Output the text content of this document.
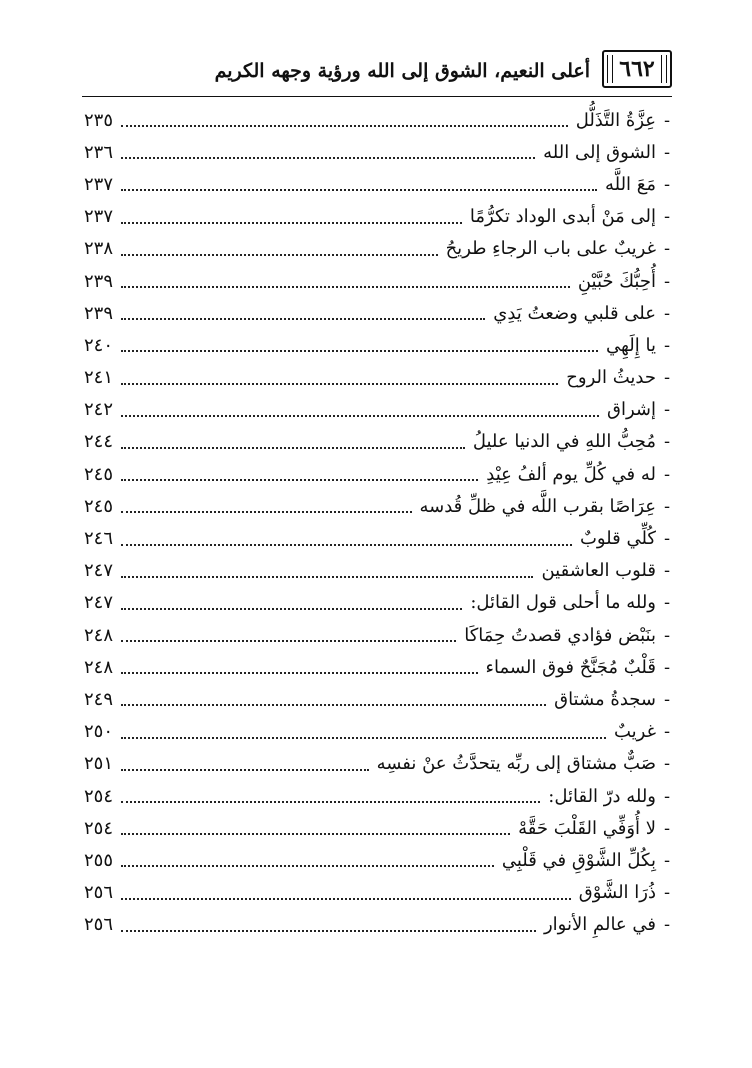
٦٦٢
أعلى النعيم، الشوق إلى الله ورؤية وجهه الكريم
-
عِزَّةُ التَّذَلُّل
٢٣٥
-
الشوق إلى الله
٢٣٦
-
مَعَ اللَّه
٢٣٧
-
إلى مَنْ أبدى الوداد تكرُّمًا
٢٣٧
-
غريبٌ على باب الرجاءِ طريحُ
٢٣٨
-
أُحِبُّكَ حُبَّيْنِ
٢٣٩
-
على قلبي وضعتُ يَدِي
٢٣٩
-
يا إِلَهِي
٢٤٠
-
حديثُ الروح
٢٤١
-
إشراق
٢٤٢
-
مُحِبُّ اللهِ في الدنيا عليلُ
٢٤٤
-
له في كُلِّ يوم ألفُ عِيْدِ
٢٤٥
-
عِرَاصًا بقرب اللَّه في ظلِّ قُدسه
٢٤٥
-
كُلِّي قلوبٌ
٢٤٦
-
قلوب العاشقين
٢٤٧
-
ولله ما أحلى قول القائل:
٢٤٧
-
بنَبْض فؤادي قصدتُ حِمَاكَا
٢٤٨
-
قَلْبٌ مُجَنَّحٌ فوق السماء
٢٤٨
-
سجدةُ مشتاق
٢٤٩
-
غريبٌ
٢٥٠
-
صَبٌّ مشتاق إلى ربِّه يتحدَّثُ عنْ نفسِه
٢٥١
-
ولله درّ القائل:
٢٥٤
-
لا أُوَفِّي القَلْبَ حَقَّهْ
٢٥٤
-
بِكُلِّ الشَّوْقِ في قَلْبِي
٢٥٥
-
ذُرَا الشَّوْق
٢٥٦
-
في عالمِ الأنوار
٢٥٦
